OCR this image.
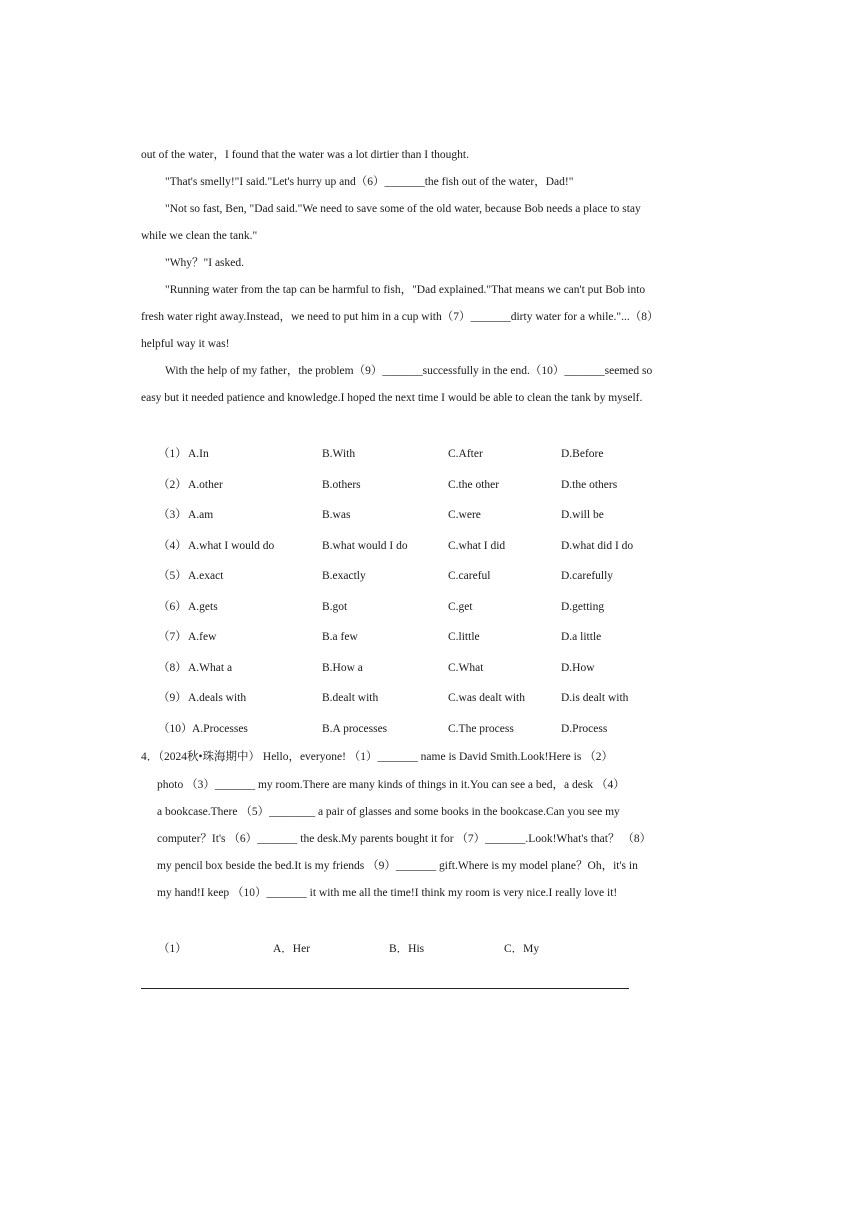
out of the water，I found that the water was a lot dirtier than I thought.
"That's smelly!"I said."Let's hurry up and（6）_______the fish out of the water，Dad!"
"Not so fast, Ben, "Dad said."We need to save some of the old water, because Bob needs a place to stay
while we clean the tank."
"Why？"I asked.
"Running water from the tap can be harmful to fish，"Dad explained."That means we can't put Bob into
fresh water right away.Instead，we need to put him in a cup with（7）_______dirty water for a while."...（8）
helpful way it was!
With the help of my father，the problem（9）_______successfully in the end.（10）_______seemed so
easy but it needed patience and knowledge.I hoped the next time I would be able to clean the tank by myself.
（1） A.In	B.With	C.After	D.Before
（2） A.other	B.others	C.the other	D.the others
（3） A.am	B.was	C.were	D.will be
（4） A.what I would do	B.what would I do	C.what I did	D.what did I do
（5） A.exact	B.exactly	C.careful	D.carefully
（6） A.gets	B.got	C.get	D.getting
（7） A.few	B.a few	C.little	D.a little
（8） A.What a	B.How a	C.What	D.How
（9） A.deals with	B.dealt with	C.was dealt with	D.is dealt with
（10） A.Processes	B.A processes	C.The process	D.Process
4．（2024秋•珠海期中） Hello，everyone! （1）_______ name is David Smith.Look!Here is （2）
photo （3）_______ my room.There are many kinds of things in it.You can see a bed，a desk （4）
a bookcase.There （5）________ a pair of glasses and some books in the bookcase.Can you see my
computer？It's （6）_______ the desk.My parents bought it for （7）_______.Look!What's that？ （8）
my pencil box beside the bed.It is my friends （9）_______ gift.Where is my model plane？Oh，it's in
my hand!I keep （10）_______ it with me all the time!I think my room is very nice.I really love it!
（1）	A．Her	B．His	C．My
